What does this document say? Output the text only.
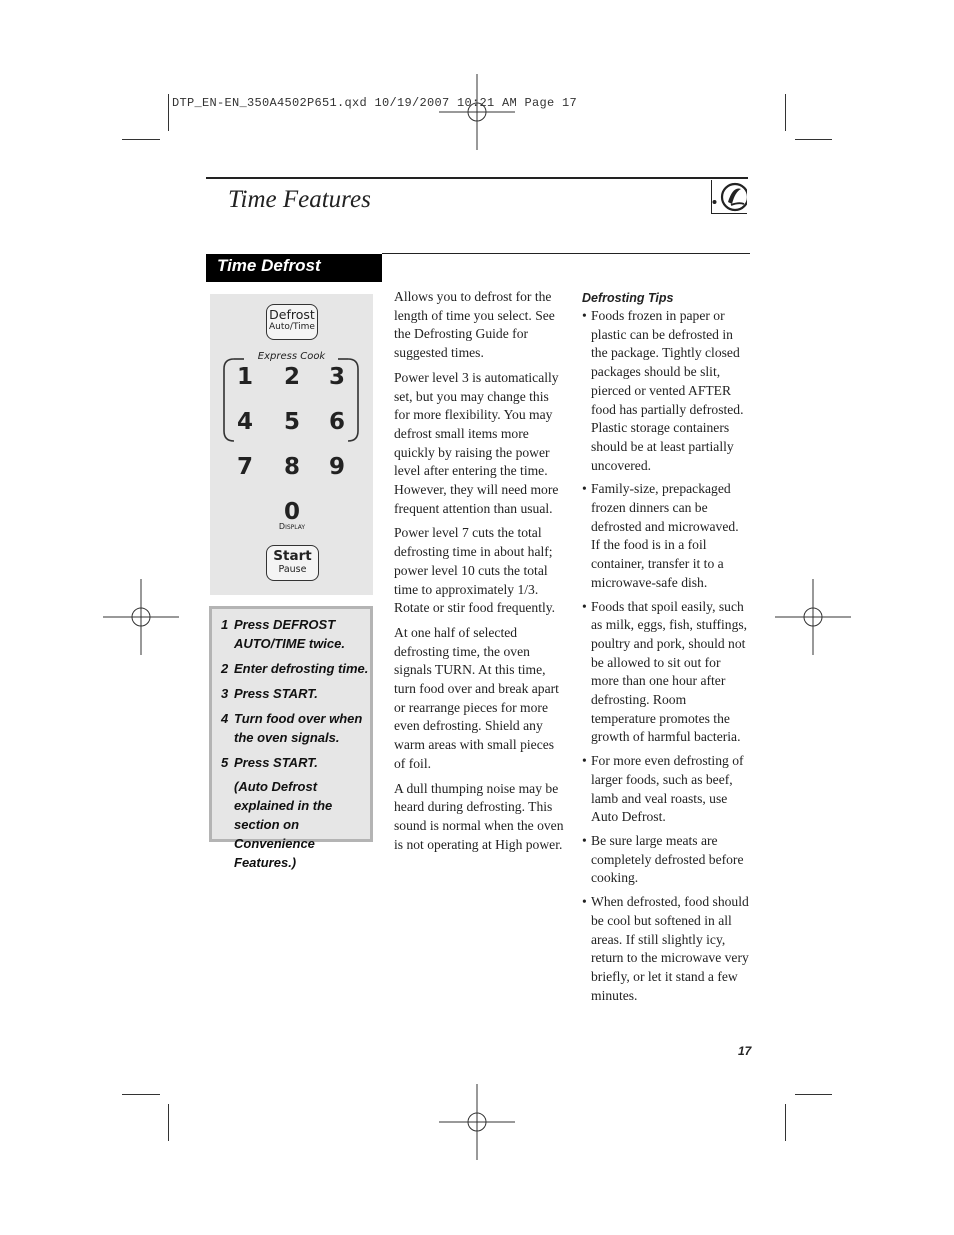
DTP_EN-EN_350A4502P651.qxd 10/19/2007 10:21 AM Page 17
Time Features
Time Defrost
Defrost
Auto/Time
Express Cook
1	2	3
4	5	6
7	8	9
0
Display
Start
Pause
1 Press DEFROST AUTO/TIME twice.
2 Enter defrosting time.
3 Press START.
4 Turn food over when the oven signals.
5 Press START.
(Auto Defrost explained in the section on Convenience Features.)

Allows you to defrost for the length of time you select. See the Defrosting Guide for suggested times.

Power level 3 is automatically set, but you may change this for more flexibility. You may defrost small items more quickly by raising the power level after entering the time. However, they will need more frequent attention than usual.

Power level 7 cuts the total defrosting time in about half; power level 10 cuts the total time to approximately 1/3. Rotate or stir food frequently.

At one half of selected defrosting time, the oven signals TURN. At this time, turn food over and break apart or rearrange pieces for more even defrosting. Shield any warm areas with small pieces of foil.

A dull thumping noise may be heard during defrosting. This sound is normal when the oven is not operating at High power.

Defrosting Tips
• Foods frozen in paper or plastic can be defrosted in the package. Tightly closed packages should be slit, pierced or vented AFTER food has partially defrosted. Plastic storage containers should be at least partially uncovered.
• Family-size, prepackaged frozen dinners can be defrosted and microwaved. If the food is in a foil container, transfer it to a microwave-safe dish.
• Foods that spoil easily, such as milk, eggs, fish, stuffings, poultry and pork, should not be allowed to sit out for more than one hour after defrosting. Room temperature promotes the growth of harmful bacteria.
• For more even defrosting of larger foods, such as beef, lamb and veal roasts, use Auto Defrost.
• Be sure large meats are completely defrosted before cooking.
• When defrosted, food should be cool but softened in all areas. If still slightly icy, return to the microwave very briefly, or let it stand a few minutes.
17
